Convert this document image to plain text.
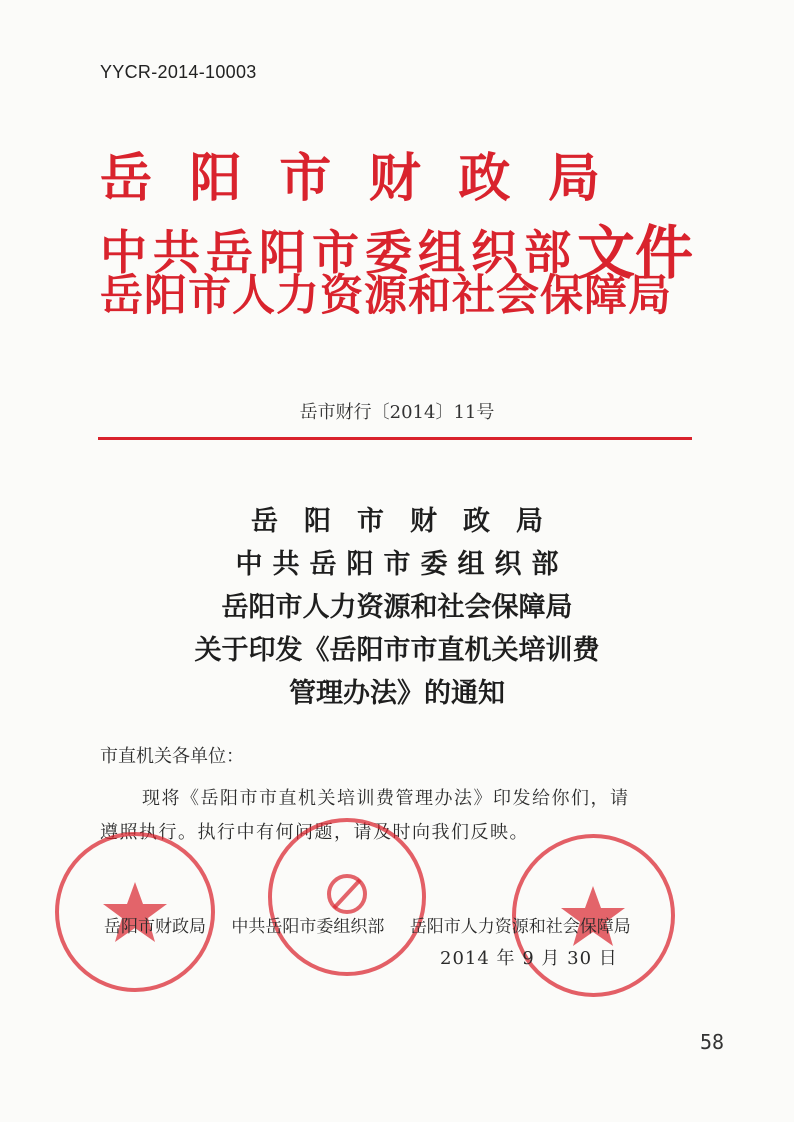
YYCR-2014-10003
岳 阳 市 财 政 局
中共岳阳市委组织部文件
岳阳市人力资源和社会保障局
岳市财行〔2014〕11号
岳阳市财政局
中共岳阳市委组织部
岳阳市人力资源和社会保障局
关于印发《岳阳市市直机关培训费
管理办法》的通知
市直机关各单位：
现将《岳阳市市直机关培训费管理办法》印发给你们，请
遵照执行。执行中有何问题，请及时向我们反映。
岳阳市财政局 中共岳阳市委组织部 岳阳市人力资源和社会保障局
2014 年 9 月 30 日
58
